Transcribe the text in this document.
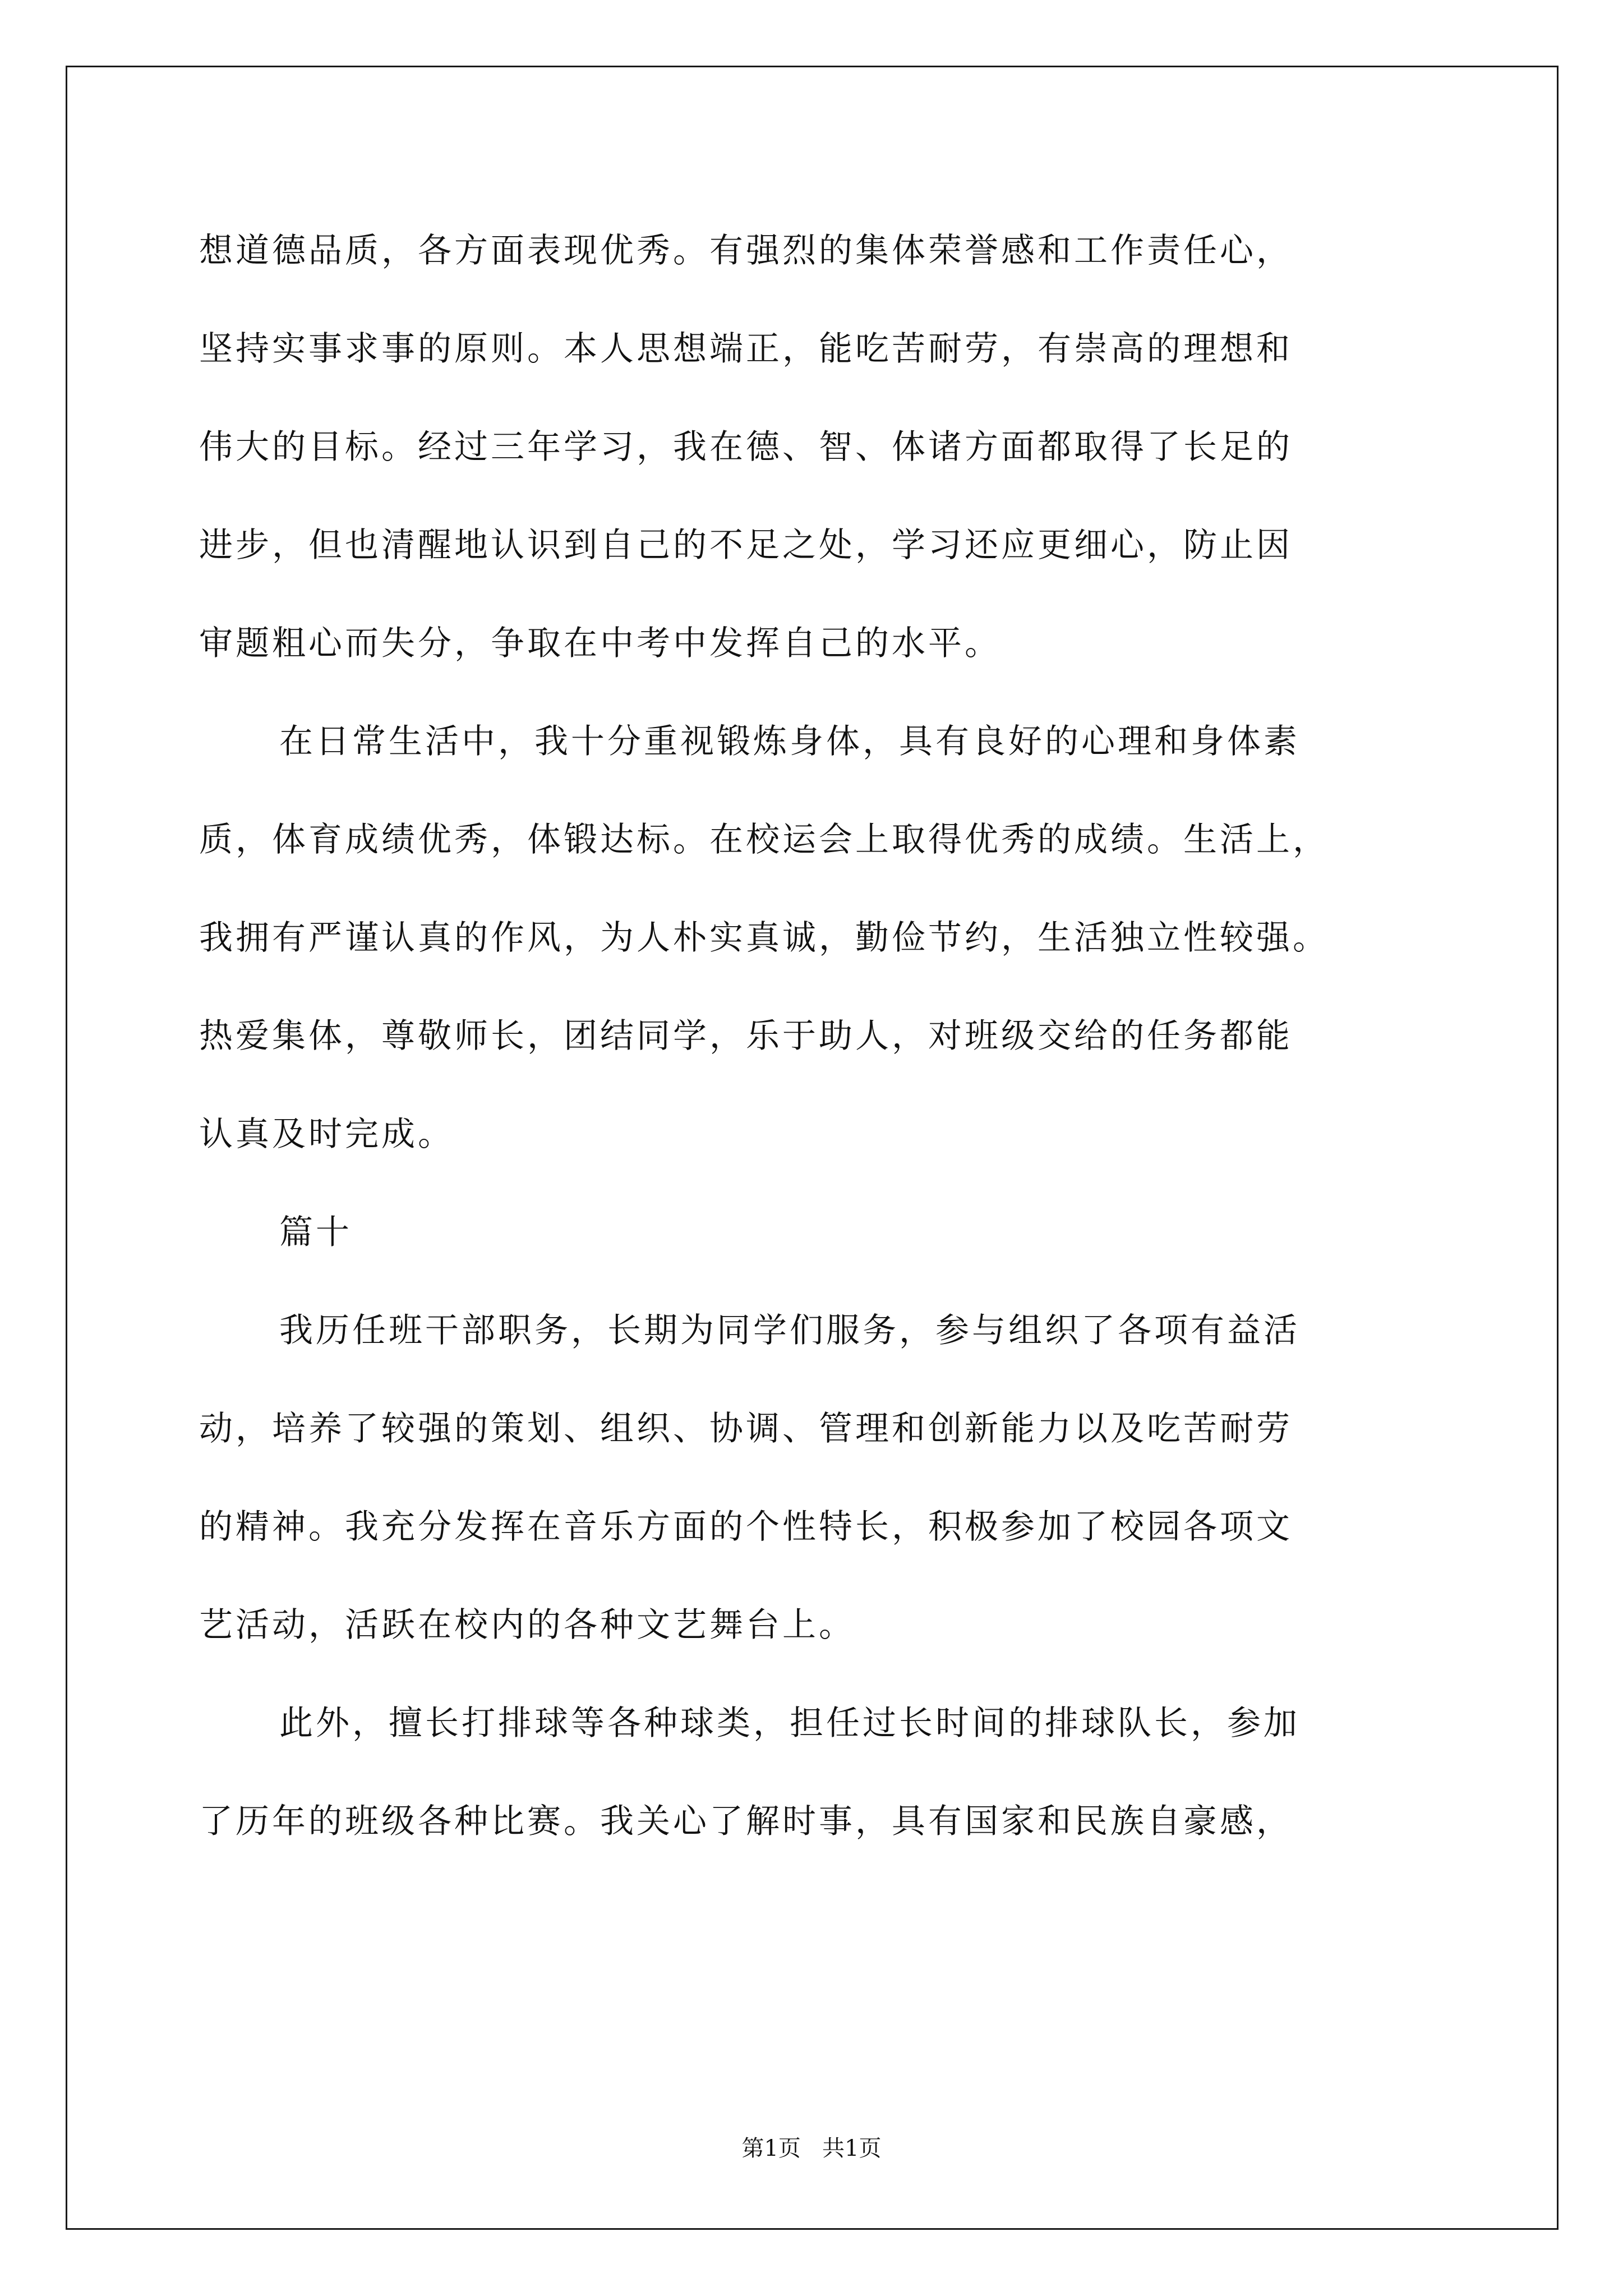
想道德品质，各方面表现优秀。有强烈的集体荣誉感和工作责任心，
坚持实事求事的原则。本人思想端正，能吃苦耐劳，有崇高的理想和
伟大的目标。经过三年学习，我在德、智、体诸方面都取得了长足的
进步，但也清醒地认识到自己的不足之处，学习还应更细心，防止因
审题粗心而失分，争取在中考中发挥自己的水平。
在日常生活中，我十分重视锻炼身体，具有良好的心理和身体素
质，体育成绩优秀，体锻达标。在校运会上取得优秀的成绩。生活上，
我拥有严谨认真的作风，为人朴实真诚，勤俭节约，生活独立性较强。
热爱集体，尊敬师长，团结同学，乐于助人，对班级交给的任务都能
认真及时完成。
篇十
我历任班干部职务，长期为同学们服务，参与组织了各项有益活
动，培养了较强的策划、组织、协调、管理和创新能力以及吃苦耐劳
的精神。我充分发挥在音乐方面的个性特长，积极参加了校园各项文
艺活动，活跃在校内的各种文艺舞台上。
此外，擅长打排球等各种球类，担任过长时间的排球队长，参加
了历年的班级各种比赛。我关心了解时事，具有国家和民族自豪感，
第1页   共1页
